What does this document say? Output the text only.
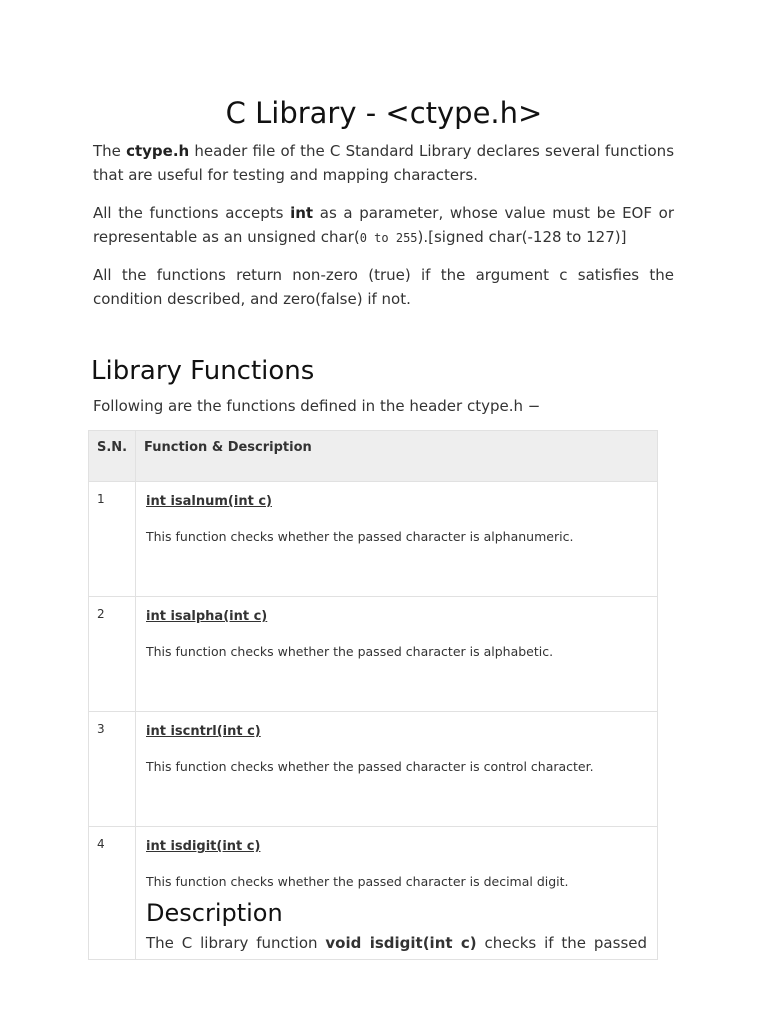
C Library - <ctype.h>

The ctype.h header file of the C Standard Library declares several functions that are useful for testing and mapping characters.

All the functions accepts int as a parameter, whose value must be EOF or representable as an unsigned char(0 to 255).[signed char(-128 to 127)]

All the functions return non-zero (true) if the argument c satisfies the condition described, and zero(false) if not.

Library Functions

Following are the functions defined in the header ctype.h −

S.N.	Function & Description
1	int isalnum(int c)
This function checks whether the passed character is alphanumeric.

2	int isalpha(int c)
This function checks whether the passed character is alphabetic.

3	int iscntrl(int c)
This function checks whether the passed character is control character.

4	int isdigit(int c)
This function checks whether the passed character is decimal digit.
Description
The C library function void isdigit(int c) checks if the passed
